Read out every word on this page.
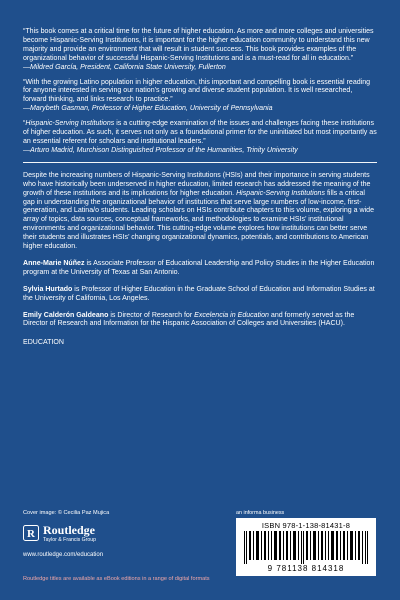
“This book comes at a critical time for the future of higher education. As more and more colleges and universities become Hispanic-Serving Institutions, it is important for the higher education community to understand this new majority and provide an environment that will result in student success. This book provides examples of the organizational behavior of successful Hispanic-Serving Institutions and is a must-read for all in education.”

—Mildred García, President, California State University, Fullerton

“With the growing Latino population in higher education, this important and compelling book is essential reading for anyone interested in serving our nation’s growing and diverse student population. It is well researched, forward thinking, and links research to practice.”

—Marybeth Gasman, Professor of Higher Education, University of Pennsylvania

“Hispanic-Serving Institutions is a cutting-edge examination of the issues and challenges facing these institutions of higher education. As such, it serves not only as a foundational primer for the uninitiated but most importantly as an essential referent for scholars and institutional leaders.”

—Arturo Madrid, Murchison Distinguished Professor of the Humanities, Trinity University

Despite the increasing numbers of Hispanic-Serving Institutions (HSIs) and their importance in serving students who have historically been underserved in higher education, limited research has addressed the meaning of the growth of these institutions and its implications for higher education. Hispanic-Serving Institutions fills a critical gap in understanding the organizational behavior of institutions that serve large numbers of low-income, first-generation, and Latina/o students. Leading scholars on HSIs contribute chapters to this volume, exploring a wide array of topics, data sources, conceptual frameworks, and methodologies to examine HSIs’ institutional environments and organizational behavior. This cutting-edge volume explores how institutions can better serve their students and illustrates HSIs’ changing organizational dynamics, potentials, and contributions to American higher education.

Anne-Marie Núñez is Associate Professor of Educational Leadership and Policy Studies in the Higher Education program at the University of Texas at San Antonio.

Sylvia Hurtado is Professor of Higher Education in the Graduate School of Education and Information Studies at the University of California, Los Angeles.

Emily Calderón Galdeano is Director of Research for Excelencia in Education and formerly served as the Director of Research and Information for the Hispanic Association of Colleges and Universities (HACU).

EDUCATION

Cover image: © Cecilia Paz Mujica
R Routledge
Taylor & Francis Group
www.routledge.com/education
Routledge titles are available as eBook editions in a range of digital formats
an informa business
ISBN 978-1-138-81431-8
9 781138 814318
